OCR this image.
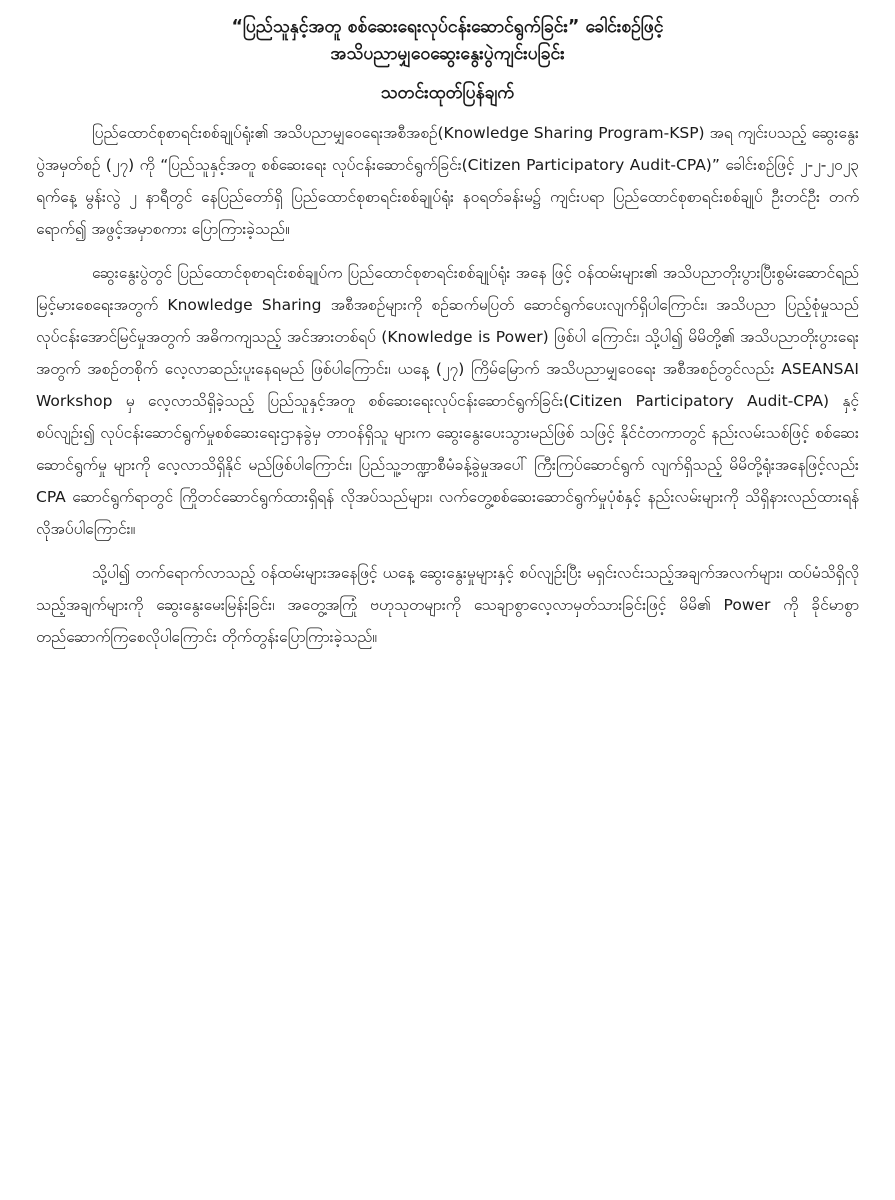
“ပြည်သူနှင့်အတူ စစ်ဆေးရေးလုပ်ငန်းဆောင်ရွက်ခြင်း” ခေါင်းစဉ်ဖြင့်
အသိပညာမျှဝေဆွေးနွေးပွဲကျင်းပခြင်း
သတင်းထုတ်ပြန်ချက်

ပြည်ထောင်စုစာရင်းစစ်ချုပ်ရုံး၏ အသိပညာမျှဝေရေးအစီအစဉ်(Knowledge Sharing Program-KSP) အရ ကျင်းပသည့် ဆွေးနွေးပွဲအမှတ်စဉ် (၂၇) ကို “ပြည်သူနှင့်အတူ စစ်ဆေးရေး လုပ်ငန်းဆောင်ရွက်ခြင်း(Citizen Participatory Audit-CPA)” ခေါင်းစဉ်ဖြင့် ၂-၂-၂၀၂၃ ရက်နေ့ မွန်းလွဲ ၂ နာရီတွင် နေပြည်တော်ရှိ ပြည်ထောင်စုစာရင်းစစ်ချုပ်ရုံး နဝရတ်ခန်းမ၌ ကျင်းပရာ ပြည်ထောင်စုစာရင်းစစ်ချုပ် ဦးတင်ဦး တက်ရောက်၍ အဖွင့်အမှာစကား ပြောကြားခဲ့သည်။

ဆွေးနွေးပွဲတွင် ပြည်ထောင်စုစာရင်းစစ်ချုပ်က ပြည်ထောင်စုစာရင်းစစ်ချုပ်ရုံး အနေ ဖြင့် ဝန်ထမ်းများ၏ အသိပညာတိုးပွားပြီးစွမ်းဆောင်ရည်မြင့်မားစေရေးအတွက် Knowledge Sharing အစီအစဉ်များကို စဉ်ဆက်မပြတ် ဆောင်ရွက်ပေးလျက်ရှိပါကြောင်း၊ အသိပညာ ပြည့်စုံမှုသည် လုပ်ငန်းအောင်မြင်မှုအတွက် အဓိကကျသည့် အင်အားတစ်ရပ် (Knowledge is Power) ဖြစ်ပါ ကြောင်း၊ သို့ပါ၍ မိမိတို့၏ အသိပညာတိုးပွားရေးအတွက် အစဉ်တစိုက် လေ့လာဆည်းပူးနေရမည် ဖြစ်ပါကြောင်း၊ ယနေ့ (၂၇) ကြိမ်မြောက် အသိပညာမျှဝေရေး အစီအစဉ်တွင်လည်း ASEANSAI Workshop မှ လေ့လာသိရှိခဲ့သည့် ပြည်သူနှင့်အတူ စစ်ဆေးရေးလုပ်ငန်းဆောင်ရွက်ခြင်း(Citizen Participatory Audit-CPA) နှင့်စပ်လျဉ်း၍ လုပ်ငန်းဆောင်ရွက်မှုစစ်ဆေးရေးဌာနခွဲမှ တာဝန်ရှိသူ များက ဆွေးနွေးပေးသွားမည်ဖြစ် သဖြင့် နိုင်ငံတကာတွင် နည်းလမ်းသစ်ဖြင့် စစ်ဆေးဆောင်ရွက်မှု များကို လေ့လာသိရှိနိုင် မည်ဖြစ်ပါကြောင်း၊ ပြည်သူ့ဘဏ္ဍာစီမံခန့်ခွဲမှုအပေါ် ကြီးကြပ်ဆောင်ရွက် လျက်ရှိသည့် မိမိတို့ရုံးအနေဖြင့်လည်း CPA ဆောင်ရွက်ရာတွင် ကြိုတင်ဆောင်ရွက်ထားရှိရန် လိုအပ်သည်များ၊ လက်တွေ့စစ်ဆေးဆောင်ရွက်မှုပုံစံနှင့် နည်းလမ်းများကို သိရှိနားလည်ထားရန် လိုအပ်ပါကြောင်း။

သို့ပါ၍ တက်ရောက်လာသည့် ဝန်ထမ်းများအနေဖြင့် ယနေ့ ဆွေးနွေးမှုများနှင့် စပ်လျဉ်းပြီး မရှင်းလင်းသည့်အချက်အလက်များ၊ ထပ်မံသိရှိလိုသည့်အချက်များကို ဆွေးနွေးမေးမြန်းခြင်း၊ အတွေ့အကြုံ ဗဟုသုတများကို သေချာစွာလေ့လာမှတ်သားခြင်းဖြင့် မိမိ၏ Power ကို ခိုင်မာစွာ တည်ဆောက်ကြစေလိုပါကြောင်း တိုက်တွန်းပြောကြားခဲ့သည်။
